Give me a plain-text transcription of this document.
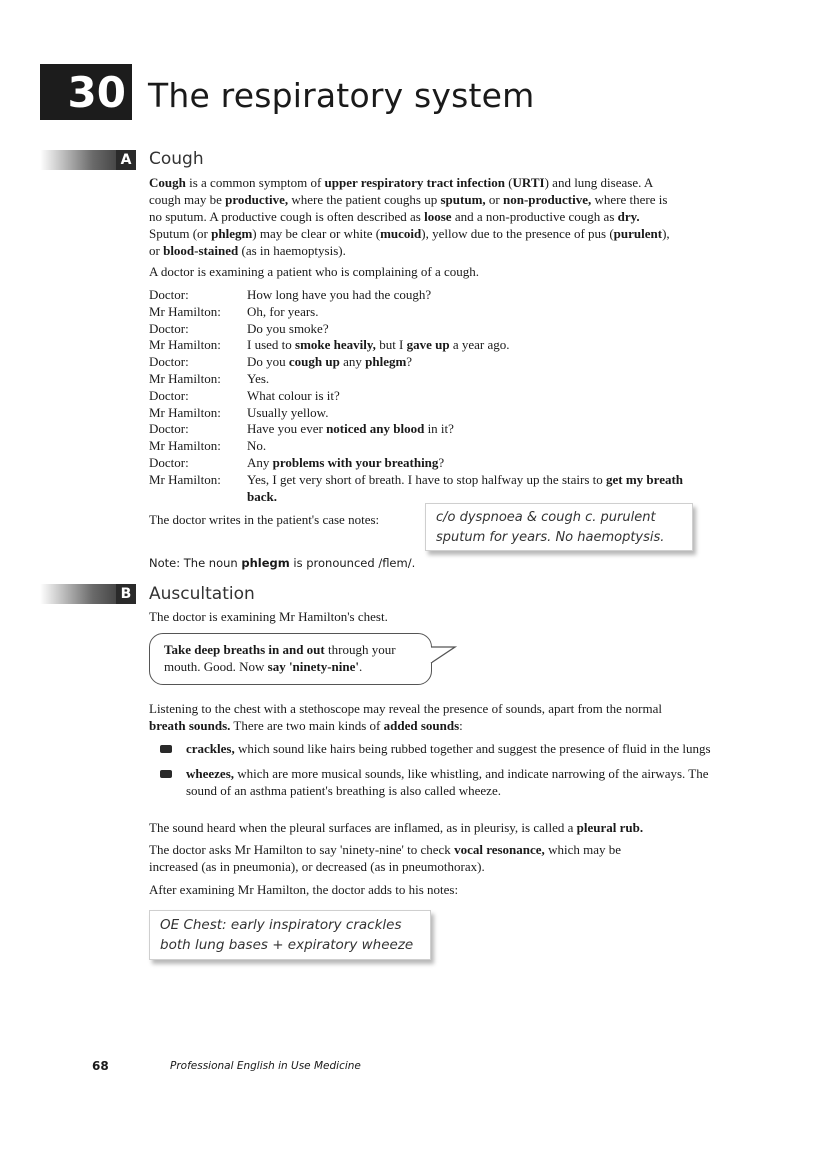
30 The respiratory system
A Cough
Cough is a common symptom of upper respiratory tract infection (URTI) and lung disease. A cough may be productive, where the patient coughs up sputum, or non-productive, where there is no sputum. A productive cough is often described as loose and a non-productive cough as dry. Sputum (or phlegm) may be clear or white (mucoid), yellow due to the presence of pus (purulent), or blood-stained (as in haemoptysis).
A doctor is examining a patient who is complaining of a cough.
Doctor:	How long have you had the cough?
Mr Hamilton:	Oh, for years.
Doctor:	Do you smoke?
Mr Hamilton:	I used to smoke heavily, but I gave up a year ago.
Doctor:	Do you cough up any phlegm?
Mr Hamilton:	Yes.
Doctor:	What colour is it?
Mr Hamilton:	Usually yellow.
Doctor:	Have you ever noticed any blood in it?
Mr Hamilton:	No.
Doctor:	Any problems with your breathing?
Mr Hamilton:	Yes, I get very short of breath. I have to stop halfway up the stairs to get my breath back.
The doctor writes in the patient's case notes:	c/o dyspnoea & cough c. purulent
sputum for years. No haemoptysis.
Note: The noun phlegm is pronounced /flem/.
B Auscultation
The doctor is examining Mr Hamilton's chest.
Take deep breaths in and out through your mouth. Good. Now say 'ninety-nine'.
Listening to the chest with a stethoscope may reveal the presence of sounds, apart from the normal breath sounds. There are two main kinds of added sounds:
crackles, which sound like hairs being rubbed together and suggest the presence of fluid in the lungs
wheezes, which are more musical sounds, like whistling, and indicate narrowing of the airways. The sound of an asthma patient's breathing is also called wheeze.
The sound heard when the pleural surfaces are inflamed, as in pleurisy, is called a pleural rub.
The doctor asks Mr Hamilton to say 'ninety-nine' to check vocal resonance, which may be increased (as in pneumonia), or decreased (as in pneumothorax).
After examining Mr Hamilton, the doctor adds to his notes:
OE Chest: early inspiratory crackles
both lung bases + expiratory wheeze
68	Professional English in Use Medicine
